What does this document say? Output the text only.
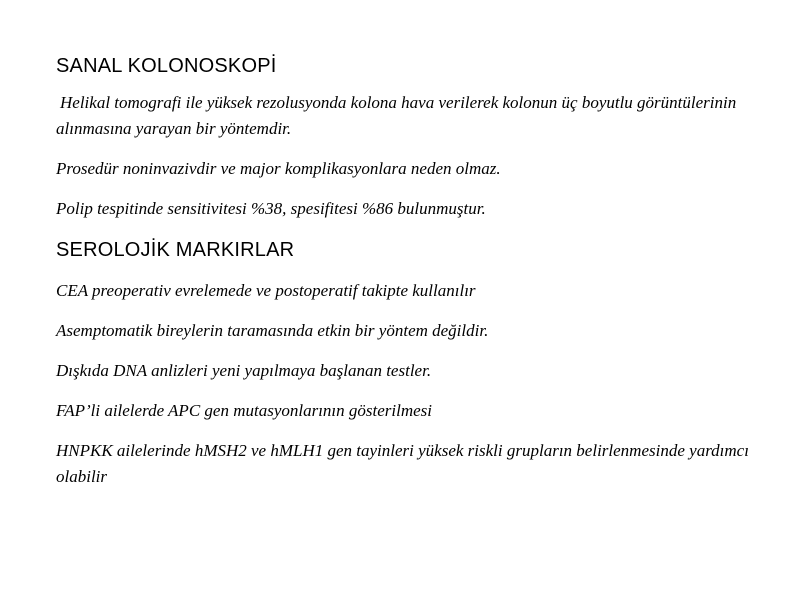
SANAL KOLONOSKOPİ

Helikal tomografi ile yüksek rezolusyonda kolona hava verilerek kolonun üç boyutlu görüntülerinin alınmasına yarayan bir yöntemdir.

Prosedür noninvazivdir ve major komplikasyonlara neden olmaz.

Polip tespitinde sensitivitesi %38, spesifitesi %86 bulunmuştur.

SEROLOJİK MARKIRLAR

CEA preoperativ evrelemede ve postoperatif takipte kullanılır

Asemptomatik bireylerin taramasında etkin bir yöntem değildir.

Dışkıda DNA anlizleri yeni yapılmaya başlanan testler.

FAP’li ailelerde APC gen mutasyonlarının gösterilmesi

HNPKK ailelerinde hMSH2 ve hMLH1 gen tayinleri yüksek riskli grupların belirlenmesinde yardımcı olabilir
